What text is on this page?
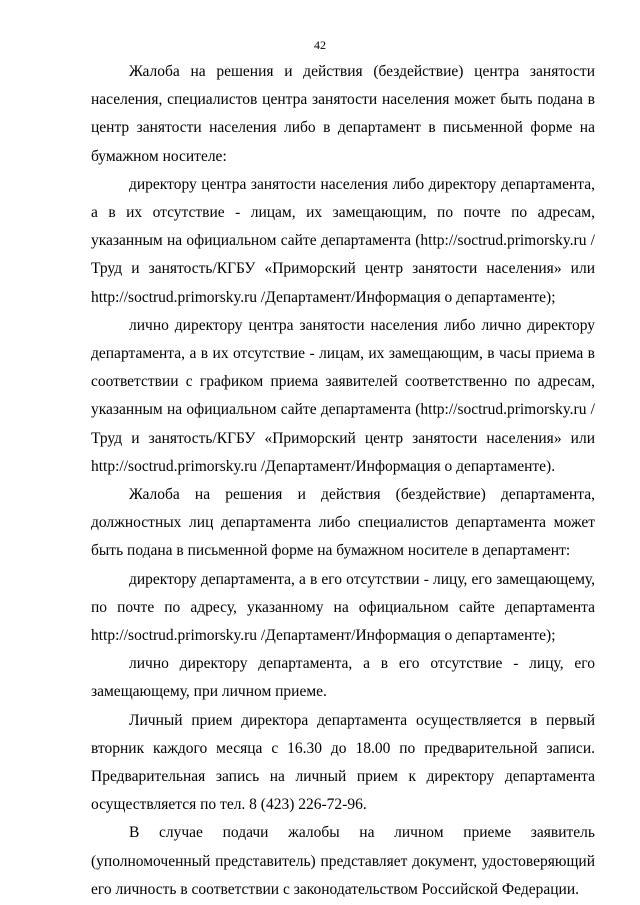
42

Жалоба на решения и действия (бездействие) центра занятости населения, специалистов центра занятости населения может быть подана в центр занятости населения либо в департамент в письменной форме на бумажном носителе:

директору центра занятости населения либо директору департамента, а в их отсутствие - лицам, их замещающим, по почте по адресам, указанным на официальном сайте департамента (http://soctrud.primorsky.ru /Труд и занятость/КГБУ «Приморский центр занятости населения» или http://soctrud.primorsky.ru /Департамент/Информация о департаменте);

лично директору центра занятости населения либо лично директору департамента, а в их отсутствие - лицам, их замещающим, в часы приема в соответствии с графиком приема заявителей соответственно по адресам, указанным на официальном сайте департамента (http://soctrud.primorsky.ru /Труд и занятость/КГБУ «Приморский центр занятости населения» или http://soctrud.primorsky.ru /Департамент/Информация о департаменте).

Жалоба на решения и действия (бездействие) департамента, должностных лиц департамента либо специалистов департамента может быть подана в письменной форме на бумажном носителе в департамент:

директору департамента, а в его отсутствии - лицу, его замещающему, по почте по адресу, указанному на официальном сайте департамента http://soctrud.primorsky.ru /Департамент/Информация о департаменте);

лично директору департамента, а в его отсутствие - лицу, его замещающему, при личном приеме.

Личный прием директора департамента осуществляется в первый вторник каждого месяца с 16.30 до 18.00 по предварительной записи. Предварительная запись на личный прием к директору департамента осуществляется по тел. 8 (423) 226-72-96.

В случае подачи жалобы на личном приеме заявитель (уполномоченный представитель) представляет документ, удостоверяющий его личность в соответствии с законодательством Российской Федерации.
